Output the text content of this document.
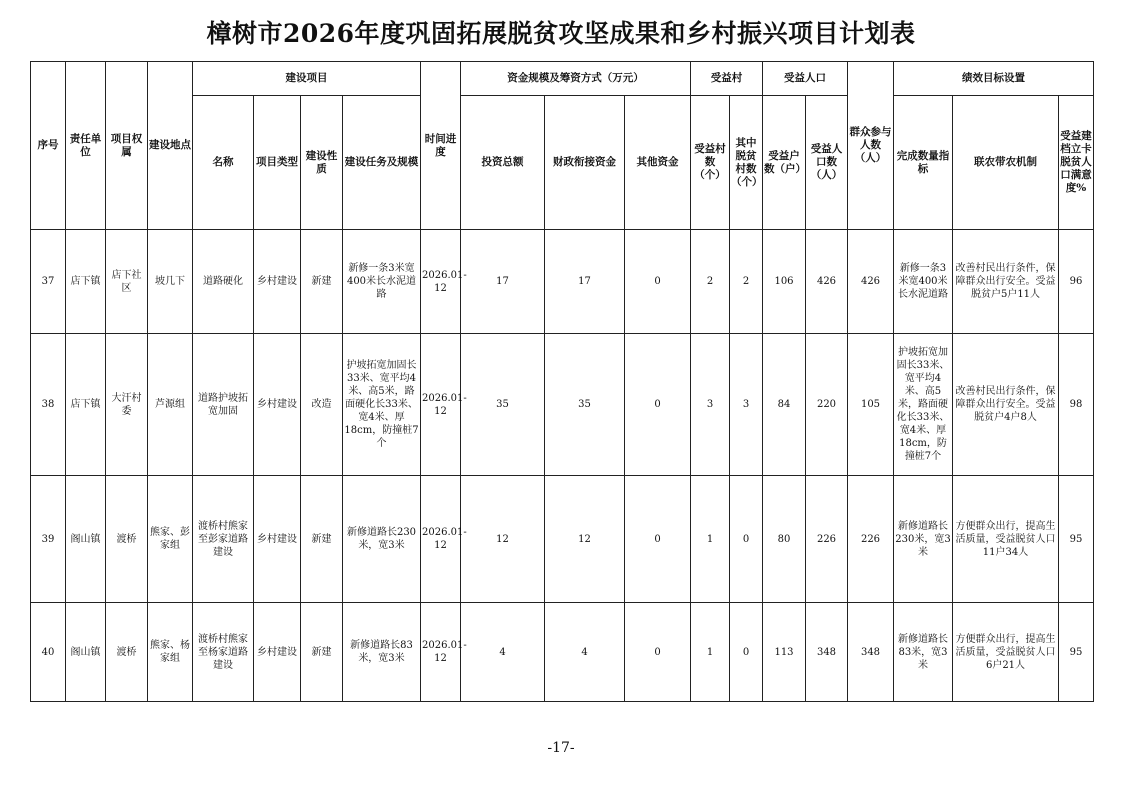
樟树市2026年度巩固拓展脱贫攻坚成果和乡村振兴项目计划表
序号	责任单位	项目权属	建设地点	建设项目				时间进度	资金规模及筹资方式（万元）			受益村		受益人口		群众参与人数（人）	绩效目标设置		
				名称	项目类型	建设性质	建设任务及规模		投资总额	财政衔接资金	其他资金	受益村数（个）	其中脱贫村数（个）	受益户数（户）	受益人口数（人）		完成数量指标	联农带农机制	受益建档立卡脱贫人口满意度%
37	店下镇	店下社区	坡几下	道路硬化	乡村建设	新建	新修一条3米宽400米长水泥道路	2026.01-12	17	17	0	2	2	106	426	426	新修一条3米宽400米长水泥道路	改善村民出行条件，保障群众出行安全。受益脱贫户5户11人	96
38	店下镇	大汗村委	芦源组	道路护坡拓宽加固	乡村建设	改造	护坡拓宽加固长33米、宽平均4米、高5米，路面硬化长33米、宽4米、厚18cm，防撞桩7个	2026.01-12	35	35	0	3	3	84	220	105	护坡拓宽加固长33米、宽平均4米、高5米，路面硬化长33米、宽4米、厚18cm，防撞桩7个	改善村民出行条件，保障群众出行安全。受益脱贫户4户8人	98
39	阁山镇	渡桥	熊家、彭家组	渡桥村熊家至彭家道路建设	乡村建设	新建	新修道路长230米，宽3米	2026.01-12	12	12	0	1	0	80	226	226	新修道路长230米，宽3米	方便群众出行，提高生活质量，受益脱贫人口11户34人	95
40	阁山镇	渡桥	熊家、杨家组	渡桥村熊家至杨家道路建设	乡村建设	新建	新修道路长83米，宽3米	2026.01-12	4	4	0	1	0	113	348	348	新修道路长83米，宽3米	方便群众出行，提高生活质量，受益脱贫人口6户21人	95
-17-
